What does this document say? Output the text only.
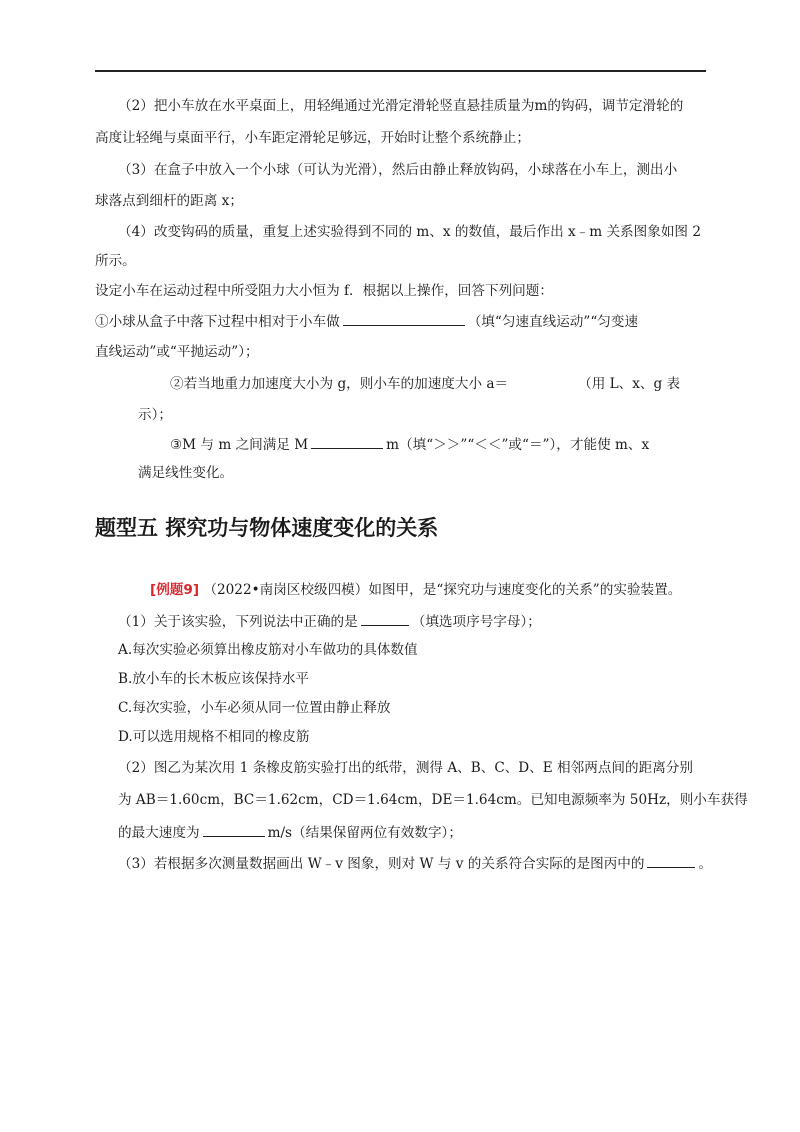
（2）把小车放在水平桌面上，用轻绳通过光滑定滑轮竖直悬挂质量为m的钩码，调节定滑轮的
高度让轻绳与桌面平行，小车距定滑轮足够远，开始时让整个系统静止；
（3）在盒子中放入一个小球（可认为光滑），然后由静止释放钩码，小球落在小车上，测出小
球落点到细杆的距离 x；
（4）改变钩码的质量，重复上述实验得到不同的 m、x 的数值，最后作出 x﹣m 关系图象如图 2
所示。
设定小车在运动过程中所受阻力大小恒为 f．根据以上操作，回答下列问题：
①小球从盒子中落下过程中相对于小车做	（填“匀速直线运动”“匀变速
直线运动”或“平抛运动”）；
②若当地重力加速度大小为 g，则小车的加速度大小 a＝	（用 L、x、g 表
示）；
③M 与 m 之间满足 M	m（填“＞＞”“＜＜”或“＝”），才能使 m、x
满足线性变化。
题型五 探究功与物体速度变化的关系
[例题9] （2022•南岗区校级四模）如图甲，是“探究功与速度变化的关系”的实验装置。
（1）关于该实验，下列说法中正确的是	（填选项序号字母）；
A.每次实验必须算出橡皮筋对小车做功的具体数值
B.放小车的长木板应该保持水平
C.每次实验，小车必须从同一位置由静止释放
D.可以选用规格不相同的橡皮筋
（2）图乙为某次用 1 条橡皮筋实验打出的纸带，测得 A、B、C、D、E 相邻两点间的距离分别
为 AB＝1.60cm，BC＝1.62cm，CD＝1.64cm，DE＝1.64cm。已知电源频率为 50Hz，则小车获得
的最大速度为	m/s（结果保留两位有效数字）；
（3）若根据多次测量数据画出 W﹣v 图象，则对 W 与 v 的关系符合实际的是图丙中的	。
